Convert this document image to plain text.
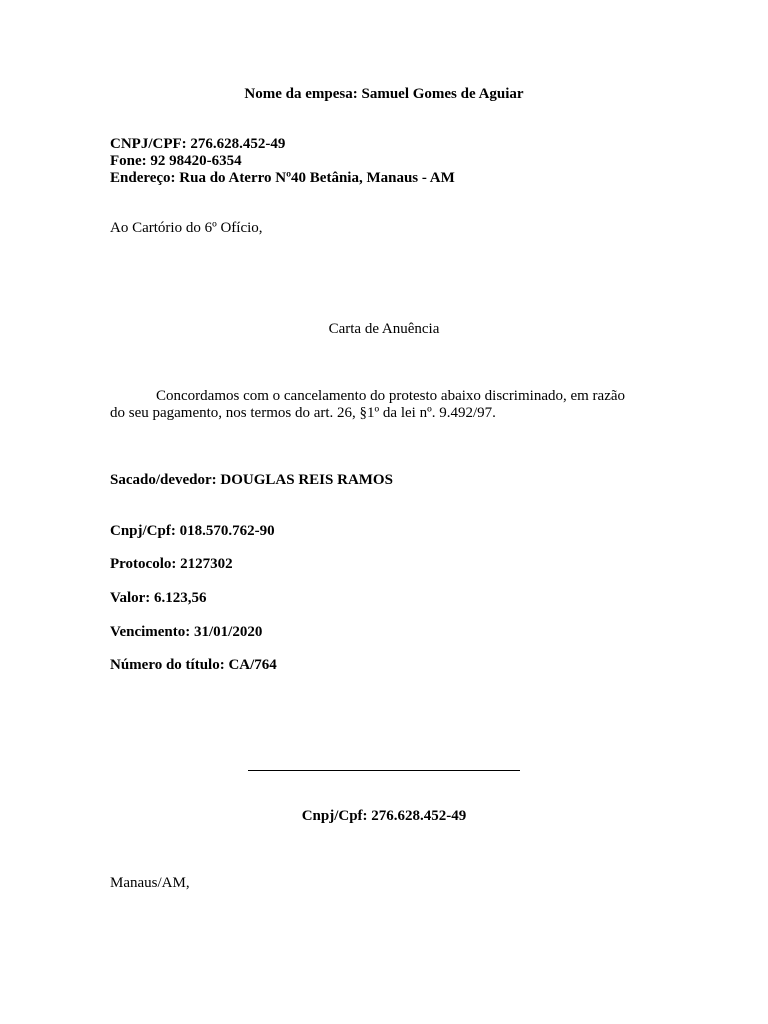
Nome da empesa: Samuel Gomes de Aguiar
CNPJ/CPF: 276.628.452-49
Fone: 92 98420-6354
Endereço: Rua do Aterro Nº40 Betânia, Manaus - AM
Ao Cartório do 6º Ofício,
Carta de Anuência
Concordamos com o cancelamento do protesto abaixo discriminado, em razão
do seu pagamento, nos termos do art. 26, §1º da lei nº. 9.492/97.
Sacado/devedor: DOUGLAS REIS RAMOS
Cnpj/Cpf: 018.570.762-90
Protocolo: 2127302
Valor: 6.123,56
Vencimento: 31/01/2020
Número do título: CA/764
Cnpj/Cpf: 276.628.452-49
Manaus/AM,
